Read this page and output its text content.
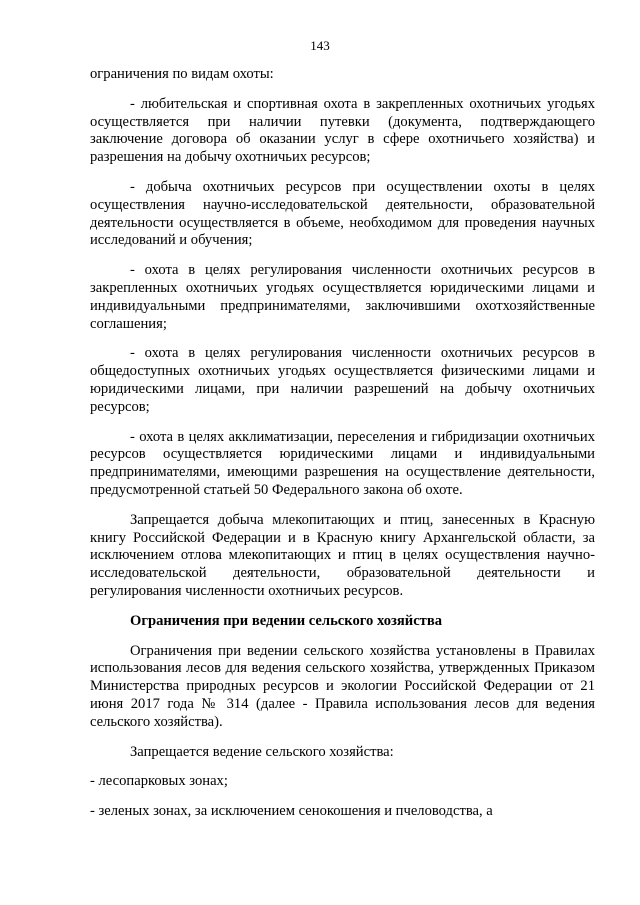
143

ограничения по видам охоты:

- любительская и спортивная охота в закрепленных охотничьих угодьях осуществляется при наличии путевки (документа, подтверждающего заключение договора об оказании услуг в сфере охотничьего хозяйства) и разрешения на добычу охотничьих ресурсов;

- добыча охотничьих ресурсов при осуществлении охоты в целях осуществления научно-исследовательской деятельности, образовательной деятельности осуществляется в объеме, необходимом для проведения научных исследований и обучения;

- охота в целях регулирования численности охотничьих ресурсов в закрепленных охотничьих угодьях осуществляется юридическими лицами и индивидуальными предпринимателями, заключившими охотхозяйственные соглашения;

- охота в целях регулирования численности охотничьих ресурсов в общедоступных охотничьих угодьях осуществляется физическими лицами и юридическими лицами, при наличии разрешений на добычу охотничьих ресурсов;

- охота в целях акклиматизации, переселения и гибридизации охотничьих ресурсов осуществляется юридическими лицами и индивидуальными предпринимателями, имеющими разрешения на осуществление деятельности, предусмотренной статьей 50 Федерального закона об охоте.

Запрещается добыча млекопитающих и птиц, занесенных в Красную книгу Российской Федерации и в Красную книгу Архангельской области, за исключением отлова млекопитающих и птиц в целях осуществления научно-исследовательской деятельности, образовательной деятельности и регулирования численности охотничьих ресурсов.

Ограничения при ведении сельского хозяйства

Ограничения при ведении сельского хозяйства установлены в Правилах использования лесов для ведения сельского хозяйства, утвержденных Приказом Министерства природных ресурсов и экологии Российской Федерации от 21 июня 2017 года № 314 (далее - Правила использования лесов для ведения сельского хозяйства).

Запрещается ведение сельского хозяйства:

- лесопарковых зонах;

- зеленых зонах, за исключением сенокошения и пчеловодства, а
